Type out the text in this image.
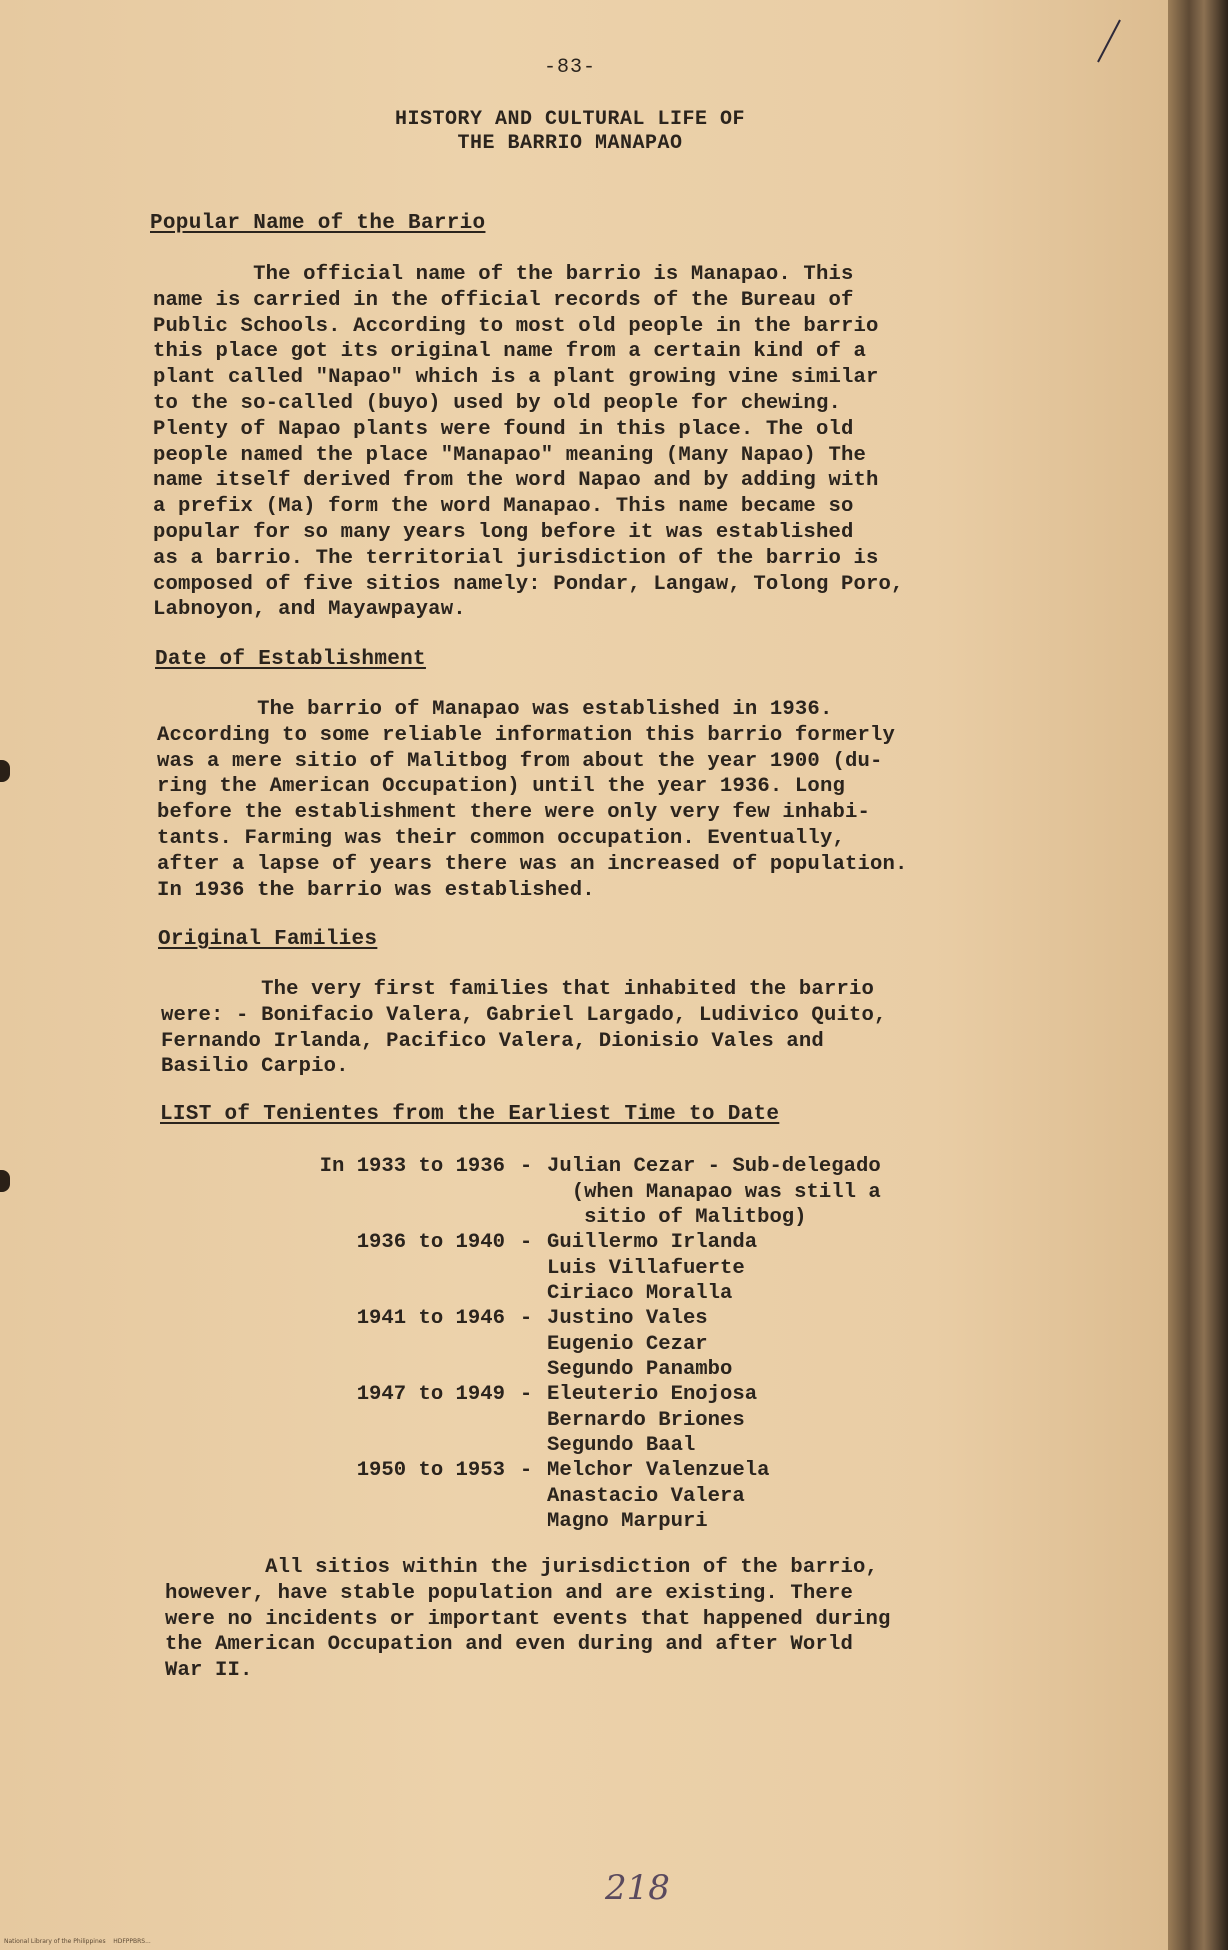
-83-
HISTORY AND CULTURAL LIFE OF
THE BARRIO MANAPAO
Popular Name of the Barrio
The official name of the barrio is Manapao. This
name is carried in the official records of the Bureau of
Public Schools. According to most old people in the barrio
this place got its original name from a certain kind of a
plant called "Napao" which is a plant growing vine similar
to the so-called (buyo) used by old people for chewing.
Plenty of Napao plants were found in this place. The old
people named the place "Manapao" meaning (Many Napao) The
name itself derived from the word Napao and by adding with
a prefix (Ma) form the word Manapao. This name became so
popular for so many years long before it was established
as a barrio. The territorial jurisdiction of the barrio is
composed of five sitios namely: Pondar, Langaw, Tolong Poro,
Labnoyon, and Mayawpayaw.
Date of Establishment
The barrio of Manapao was established in 1936.
According to some reliable information this barrio formerly
was a mere sitio of Malitbog from about the year 1900 (du-
ring the American Occupation) until the year 1936. Long
before the establishment there were only very few inhabi-
tants. Farming was their common occupation. Eventually,
after a lapse of years there was an increased of population.
In 1936 the barrio was established.
Original Families
The very first families that inhabited the barrio
were: - Bonifacio Valera, Gabriel Largado, Ludivico Quito,
Fernando Irlanda, Pacifico Valera, Dionisio Vales and
Basilio Carpio.
LIST of Tenientes from the Earliest Time to Date
In 1933 to 1936 - Julian Cezar - Sub-delegado
(when Manapao was still a
sitio of Malitbog)
1936 to 1940 - Guillermo Irlanda
Luis Villafuerte
Ciriaco Moralla
1941 to 1946 - Justino Vales
Eugenio Cezar
Segundo Panambo
1947 to 1949 - Eleuterio Enojosa
Bernardo Briones
Segundo Baal
1950 to 1953 - Melchor Valenzuela
Anastacio Valera
Magno Marpuri
All sitios within the jurisdiction of the barrio,
however, have stable population and are existing. There
were no incidents or important events that happened during
the American Occupation and even during and after World
War II.
218
National Library of the Philippines    HDFPPBRS...
